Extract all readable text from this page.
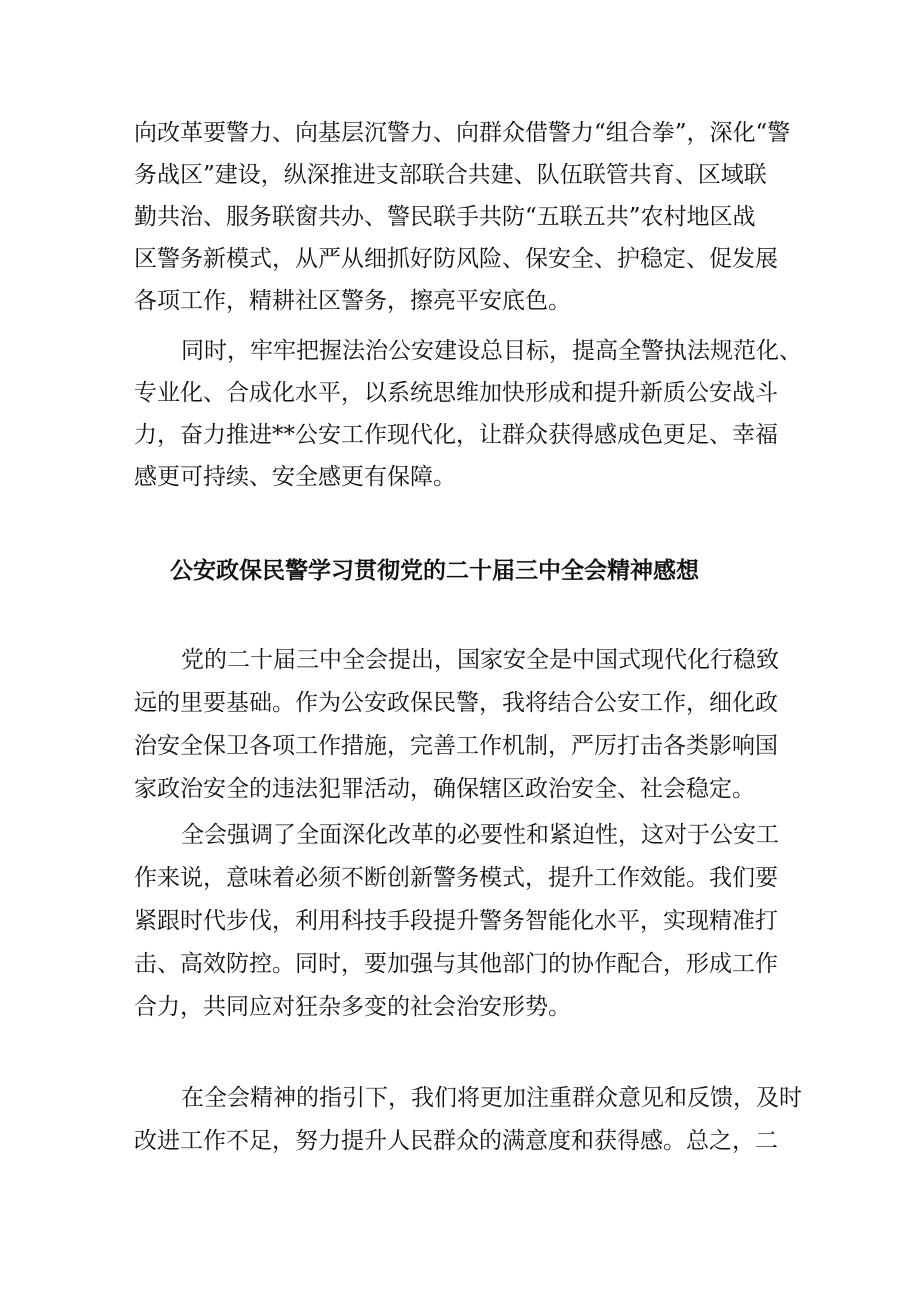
向改革要警力、向基层沉警力、向群众借警力“组合拳”，深化“警
务战区”建设，纵深推进支部联合共建、队伍联管共育、区域联
勤共治、服务联窗共办、警民联手共防“五联五共”农村地区战
区警务新模式，从严从细抓好防风险、保安全、护稳定、促发展
各项工作，精耕社区警务，擦亮平安底色。
同时，牢牢把握法治公安建设总目标，提高全警执法规范化、
专业化、合成化水平，以系统思维加快形成和提升新质公安战斗
力，奋力推进**公安工作现代化，让群众获得感成色更足、幸福
感更可持续、安全感更有保障。
公安政保民警学习贯彻党的二十届三中全会精神感想
党的二十届三中全会提出，国家安全是中国式现代化行稳致
远的里要基础。作为公安政保民警，我将结合公安工作，细化政
治安全保卫各项工作措施，完善工作机制，严厉打击各类影响国
家政治安全的违法犯罪活动，确保辖区政治安全、社会稳定。
全会强调了全面深化改革的必要性和紧迫性，这对于公安工
作来说，意味着必须不断创新警务模式，提升工作效能。我们要
紧跟时代步伐，利用科技手段提升警务智能化水平，实现精准打
击、高效防控。同时，要加强与其他部门的协作配合，形成工作
合力，共同应对狂杂多变的社会治安形势。
在全会精神的指引下，我们将更加注重群众意见和反馈，及时
改进工作不足，努力提升人民群众的满意度和获得感。总之，二
